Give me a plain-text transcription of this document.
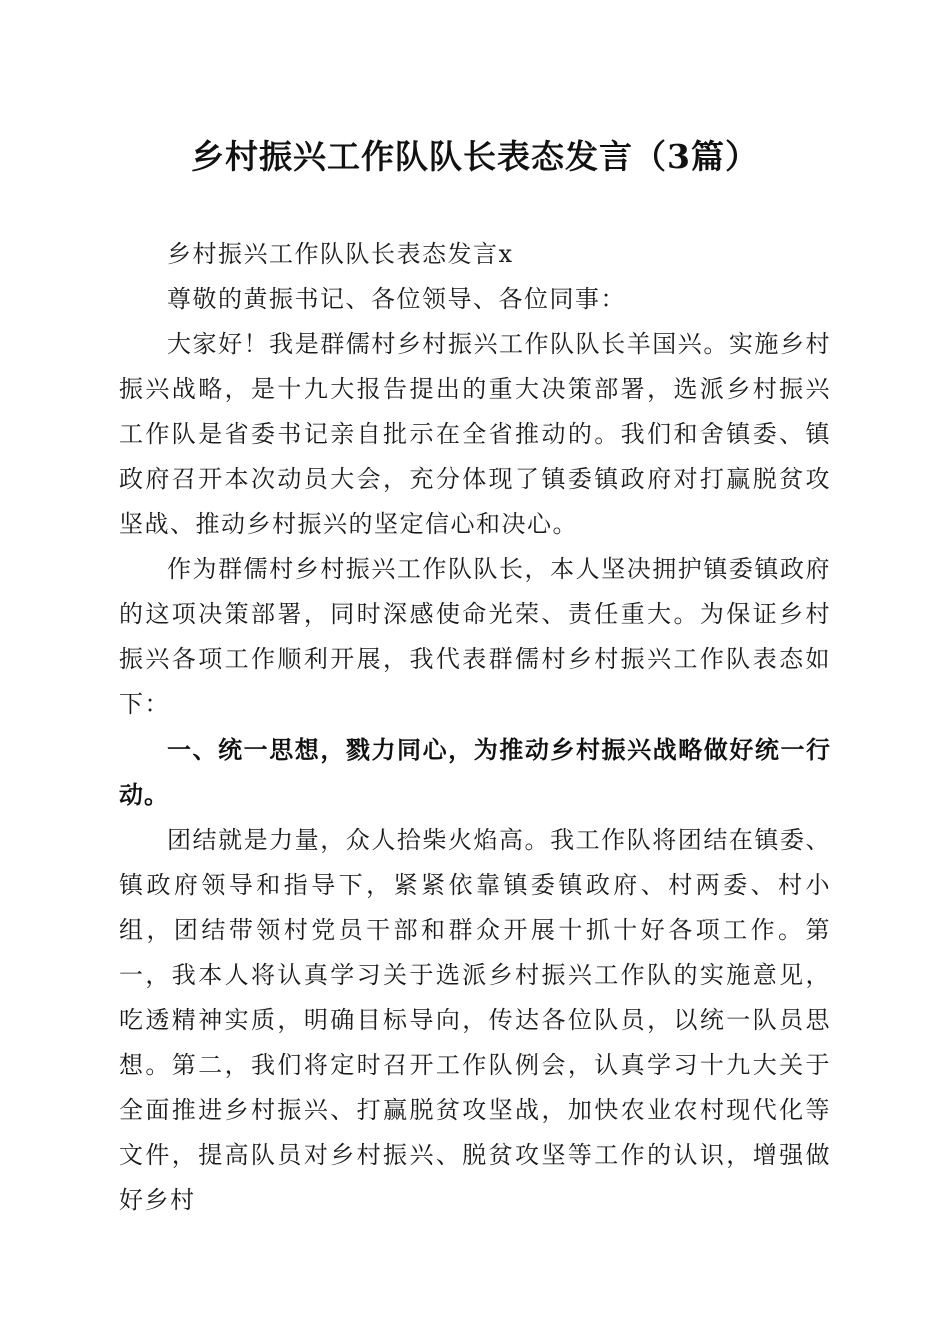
乡村振兴工作队队长表态发言（3篇）

乡村振兴工作队队长表态发言x

尊敬的黄振书记、各位领导、各位同事：

大家好！我是群儒村乡村振兴工作队队长羊国兴。实施乡村振兴战略，是十九大报告提出的重大决策部署，选派乡村振兴工作队是省委书记亲自批示在全省推动的。我们和舍镇委、镇政府召开本次动员大会，充分体现了镇委镇政府对打赢脱贫攻坚战、推动乡村振兴的坚定信心和决心。

作为群儒村乡村振兴工作队队长，本人坚决拥护镇委镇政府的这项决策部署，同时深感使命光荣、责任重大。为保证乡村振兴各项工作顺利开展，我代表群儒村乡村振兴工作队表态如下：

一、统一思想，戮力同心，为推动乡村振兴战略做好统一行动。

团结就是力量，众人拾柴火焰高。我工作队将团结在镇委、镇政府领导和指导下，紧紧依靠镇委镇政府、村两委、村小组，团结带领村党员干部和群众开展十抓十好各项工作。第一，我本人将认真学习关于选派乡村振兴工作队的实施意见，吃透精神实质，明确目标导向，传达各位队员，以统一队员思想。第二，我们将定时召开工作队例会，认真学习十九大关于全面推进乡村振兴、打赢脱贫攻坚战，加快农业农村现代化等文件，提高队员对乡村振兴、脱贫攻坚等工作的认识，增强做好乡村
